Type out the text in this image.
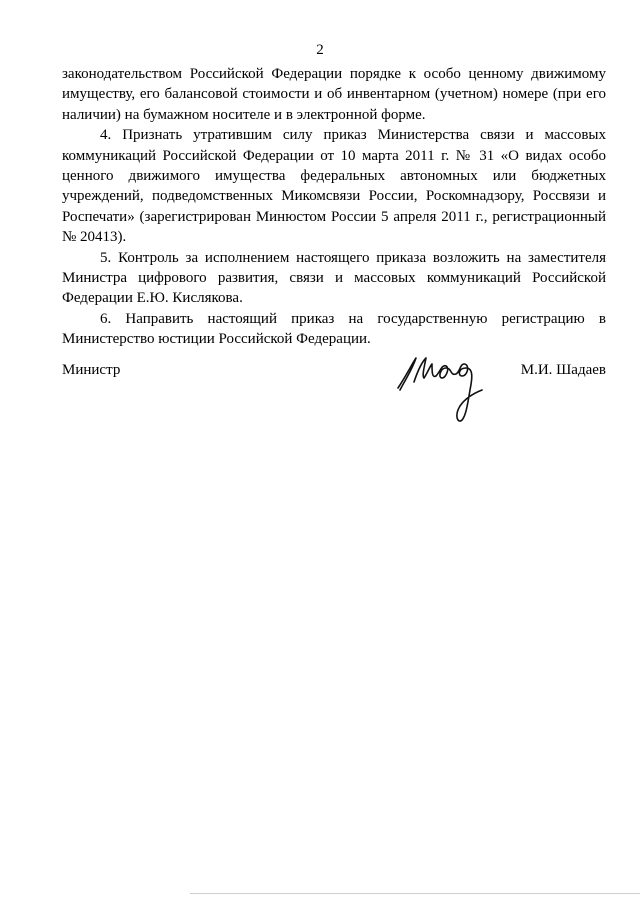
2

законодательством Российской Федерации порядке к особо ценному движимому имуществу, его балансовой стоимости и об инвентарном (учетном) номере (при его наличии) на бумажном носителе и в электронной форме.

4. Признать утратившим силу приказ Министерства связи и массовых коммуникаций Российской Федерации от 10 марта 2011 г. № 31 «О видах особо ценного движимого имущества федеральных автономных или бюджетных учреждений, подведомственных Микомсвязи России, Роскомнадзору, Россвязи и Роспечати» (зарегистрирован Минюстом России 5 апреля 2011 г., регистрационный № 20413).

5. Контроль за исполнением настоящего приказа возложить на заместителя Министра цифрового развития, связи и массовых коммуникаций Российской Федерации Е.Ю. Кислякова.

6. Направить настоящий приказ на государственную регистрацию в Министерство юстиции Российской Федерации.

Министр	М.И. Шадаев
